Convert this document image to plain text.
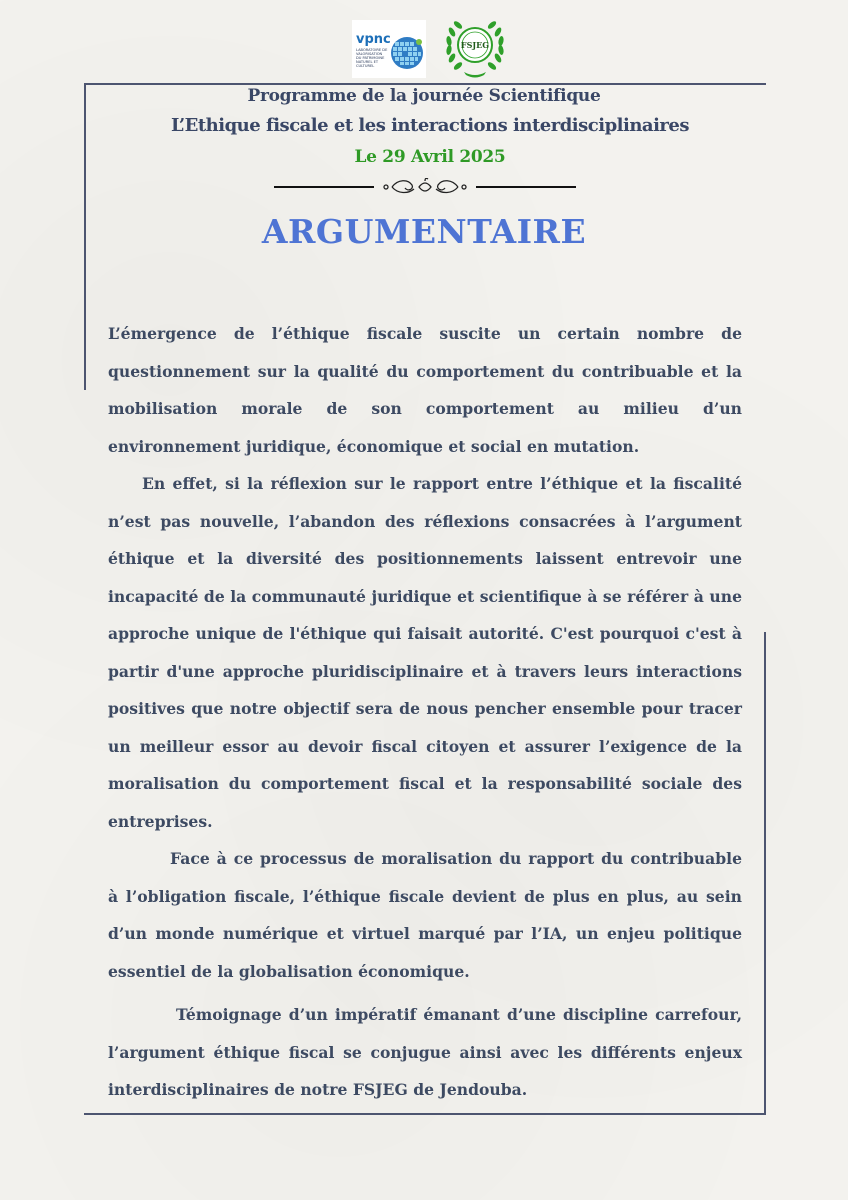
vpnc
LABORATOIRE DE VALORISATION DU PATRIMOINE NATUREL ET CULTUREL
FSJEG
Programme de la journée Scientifique
L’Ethique fiscale et les interactions interdisciplinaires
Le 29 Avril 2025
ARGUMENTAIRE

L’émergence de l’éthique fiscale suscite un certain nombre de questionnement sur la qualité du comportement du contribuable et la mobilisation morale de son comportement au milieu d’un environnement juridique, économique et social en mutation.

En effet, si la réflexion sur le rapport entre l’éthique et la fiscalité n’est pas nouvelle, l’abandon des réflexions consacrées à l’argument éthique et la diversité des positionnements laissent entrevoir une incapacité de la communauté juridique et scientifique à se référer à une approche unique de l'éthique qui faisait autorité. C'est pourquoi c'est à partir d'une approche pluridisciplinaire et à travers leurs interactions positives que notre objectif sera de nous pencher ensemble pour tracer un meilleur essor au devoir fiscal citoyen et assurer l’exigence de la moralisation du comportement fiscal et la responsabilité sociale des entreprises.

Face à ce processus de moralisation du rapport du contribuable à l’obligation fiscale, l’éthique fiscale devient de plus en plus, au sein d’un monde numérique et virtuel marqué par l’IA, un enjeu politique essentiel de la globalisation économique.

Témoignage d’un impératif émanant d’une discipline carrefour, l’argument éthique fiscal se conjugue ainsi avec les différents enjeux interdisciplinaires de notre FSJEG de Jendouba.
